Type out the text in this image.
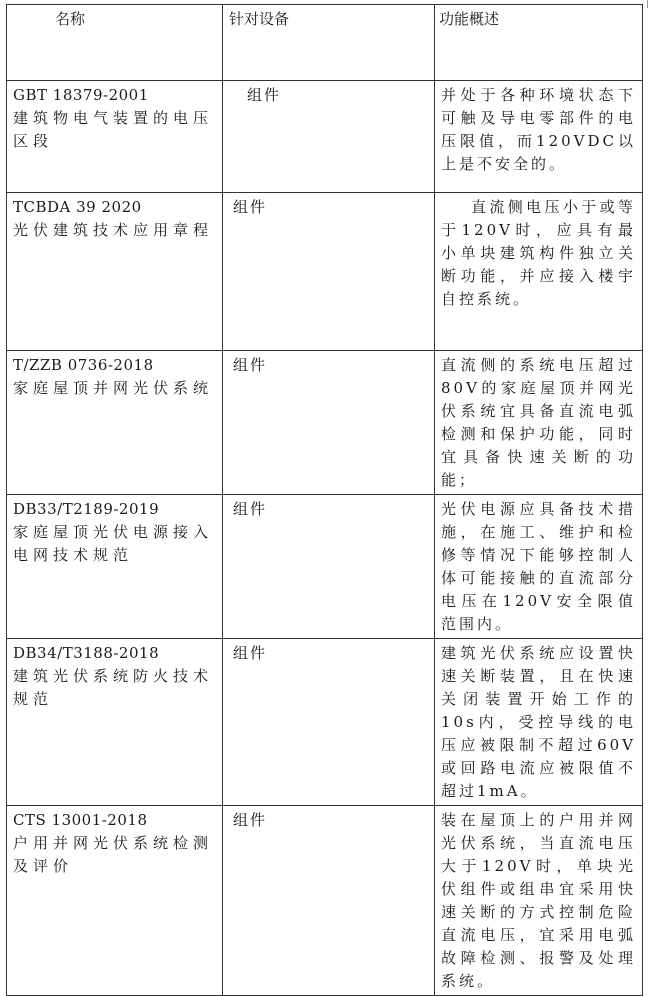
名称	针对设备	功能概述

GBT 18379-2001
建筑物电气装置的电压区段	组件	并处于各种环境状态下可触及导电零部件的电压限值，而120VDC以上是不安全的。

TCBDA 39 2020
光伏建筑技术应用章程	组件	直流侧电压小于或等于120V时，应具有最小单块建筑构件独立关断功能，并应接入楼宇自控系统。

T/ZZB 0736-2018
家庭屋顶并网光伏系统	组件	直流侧的系统电压超过80V的家庭屋顶并网光伏系统宜具备直流电弧检测和保护功能，同时宜具备快速关断的功能；

DB33/T2189-2019
家庭屋顶光伏电源接入电网技术规范	组件	光伏电源应具备技术措施，在施工、维护和检修等情况下能够控制人体可能接触的直流部分电压在120V安全限值范围内。

DB34/T3188-2018
建筑光伏系统防火技术规范	组件	建筑光伏系统应设置快速关断装置，且在快速关闭装置开始工作的10s内，受控导线的电压应被限制不超过60V或回路电流应被限值不超过1mA。

CTS 13001-2018
户用并网光伏系统检测及评价	组件	装在屋顶上的户用并网光伏系统，当直流电压大于120V时，单块光伏组件或组串宜采用快速关断的方式控制危险直流电压，宜采用电弧故障检测、报警及处理系统。
